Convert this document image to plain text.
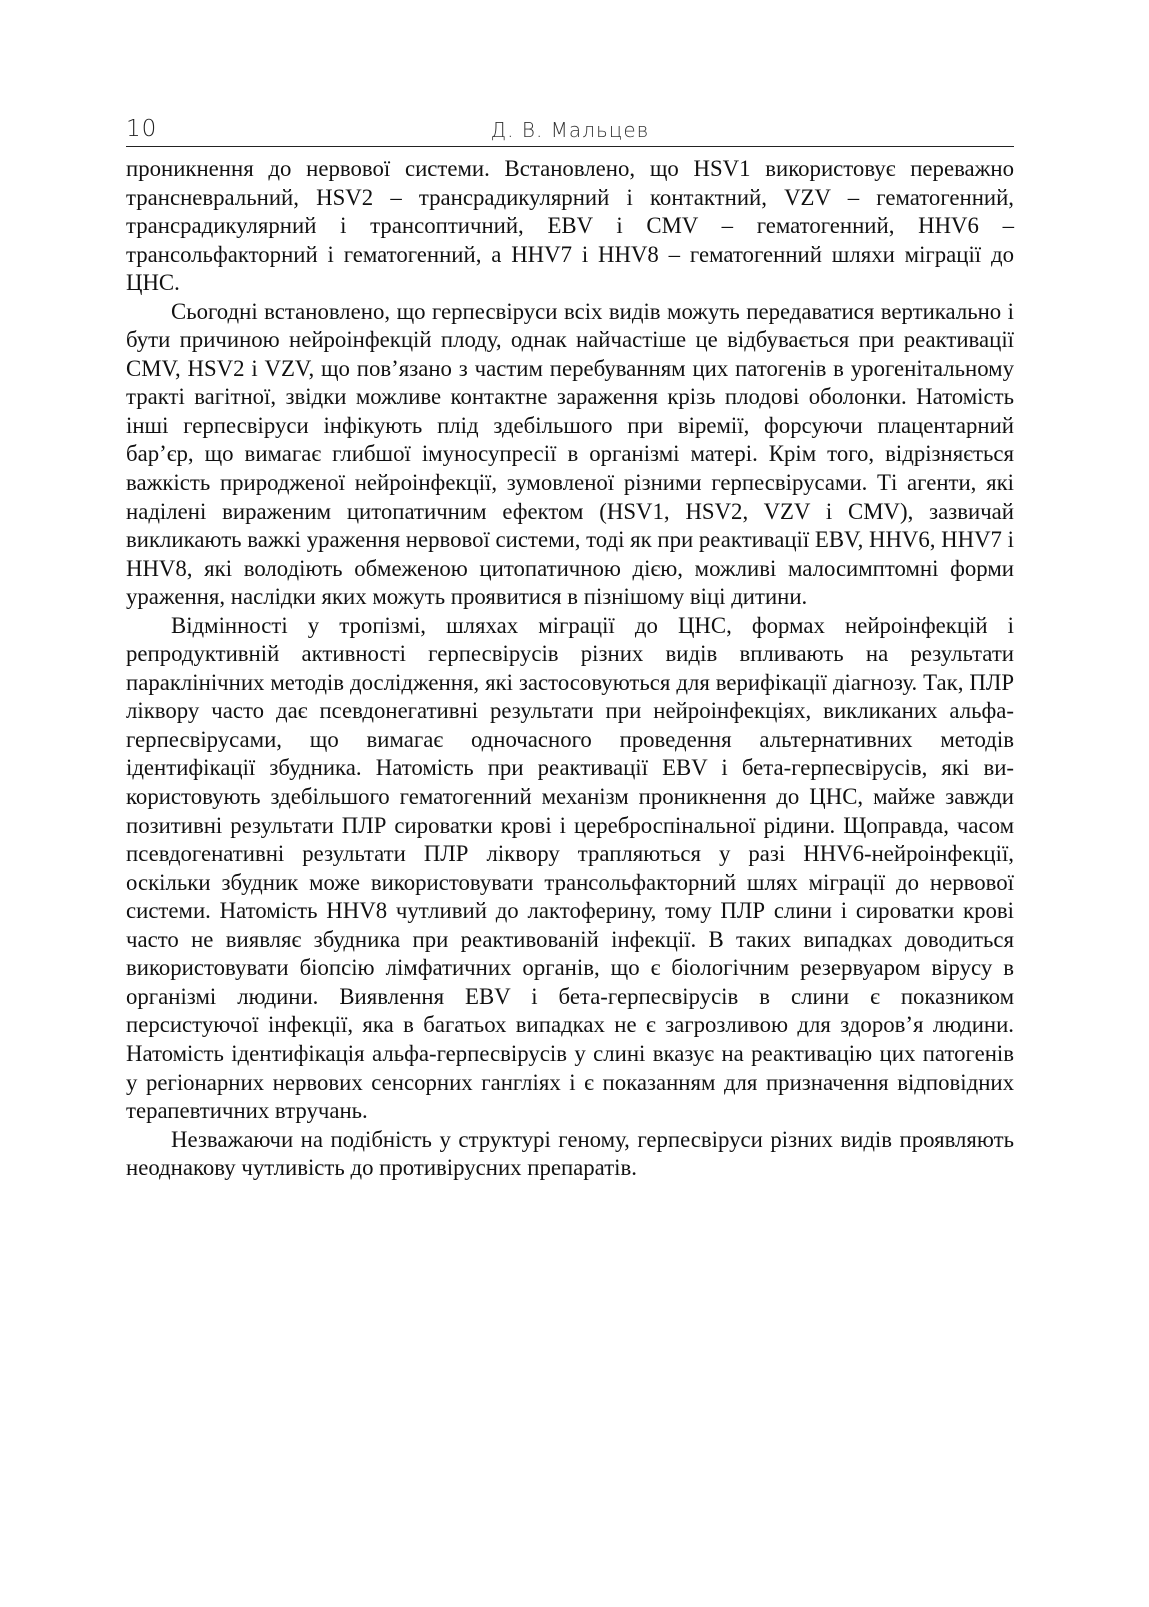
10	Д. В. Мальцев

проникнення до нервової системи. Встановлено, що HSV1 використовує переважно трансневральний, HSV2 – трансрадикулярний і контактний, VZV – гематогенний, трансрадикулярний і трансоптичний, EBV і CMV – гематогенний, HHV6 – трансольфакторний і гематогенний, а HHV7 і HHV8 – гематогенний шляхи міграції до ЦНС.

Сьогодні встановлено, що герпесвіруси всіх видів можуть передаватися вертикально і бути причиною нейроінфекцій плоду, однак найчастіше це відбувається при реактивації CMV, HSV2 і VZV, що пов’язано з частим перебуванням цих патогенів в урогенітальному тракті вагітної, звідки можливе контактне зараження крізь плодові оболонки. Натомість інші герпесвіруси інфікують плід здебільшого при віремії, форсуючи плацентарний бар’єр, що вимагає глибшої імуносупресії в організмі матері. Крім того, відрізняється важкість природженої нейроінфекції, зумовленої різними герпесвірусами. Ті агенти, які наділені вираженим цитопатичним ефектом (HSV1, HSV2, VZV і CMV), зазвичай викликають важкі ураження нервової системи, тоді як при реактивації EBV, HHV6, HHV7 і HHV8, які володіють обмеженою цитопатичною дією, можливі малосимптомні форми ураження, наслідки яких можуть проявитися в пізнішому віці дитини.

Відмінності у тропізмі, шляхах міграції до ЦНС, формах нейроінфекцій і репродуктивній активності герпесвірусів різних видів впливають на результати параклінічних методів дослідження, які застосовуються для верифікації діагнозу. Так, ПЛР ліквору часто дає псевдонегативні результати при нейроінфекціях, викликаних альфа-герпесвірусами, що вимагає одночасного проведення альтернативних методів ідентифікації збудника. Натомість при реактивації EBV і бета-герпесвірусів, які використовують здебільшого гематогенний механізм проникнення до ЦНС, майже завжди позитивні результати ПЛР сироватки крові і цереброспінальної рідини. Щоправда, часом псевдогенативні результати ПЛР ліквору трапляються у разі HHV6-нейроінфекції, оскільки збудник може використовувати трансольфакторний шлях міграції до нервової системи. Натомість HHV8 чутливий до лактоферину, тому ПЛР слини і сироватки крові часто не виявляє збудника при реактивованій інфекції. В таких випадках доводиться використовувати біопсію лімфатичних органів, що є біологічним резервуаром вірусу в організмі людини. Виявлення EBV і бета-герпесвірусів в слини є показником персистуючої інфекції, яка в багатьох випадках не є загрозливою для здоров’я людини. Натомість ідентифікація альфа-герпесвірусів у слині вказує на реактивацію цих патогенів у регіонарних нервових сенсорних гангліях і є показанням для призначення відповідних терапевтичних втручань.

Незважаючи на подібність у структурі геному, герпесвіруси різних видів проявляють неоднакову чутливість до противірусних препаратів.
